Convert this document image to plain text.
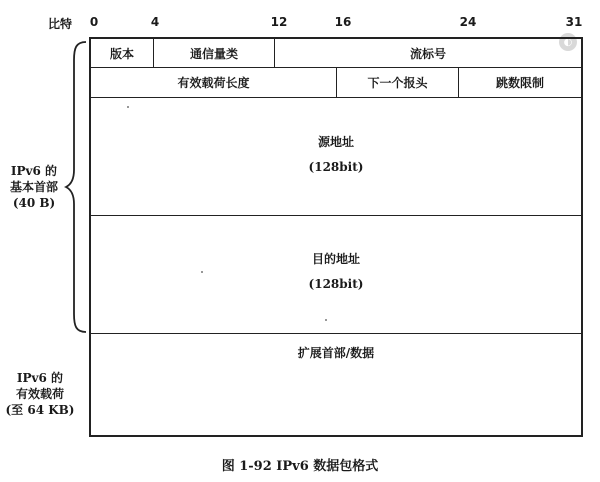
比特 0	4	12	16	24	31
◐
版本	通信量类	流标号
有效载荷长度	下一个报头	跳数限制
源地址
(128bit)
目的地址
(128bit)
扩展首部/数据
IPv6 的
基本首部
(40 B)
IPv6 的
有效载荷
(至 64 KB)
图 1-92 IPv6 数据包格式
